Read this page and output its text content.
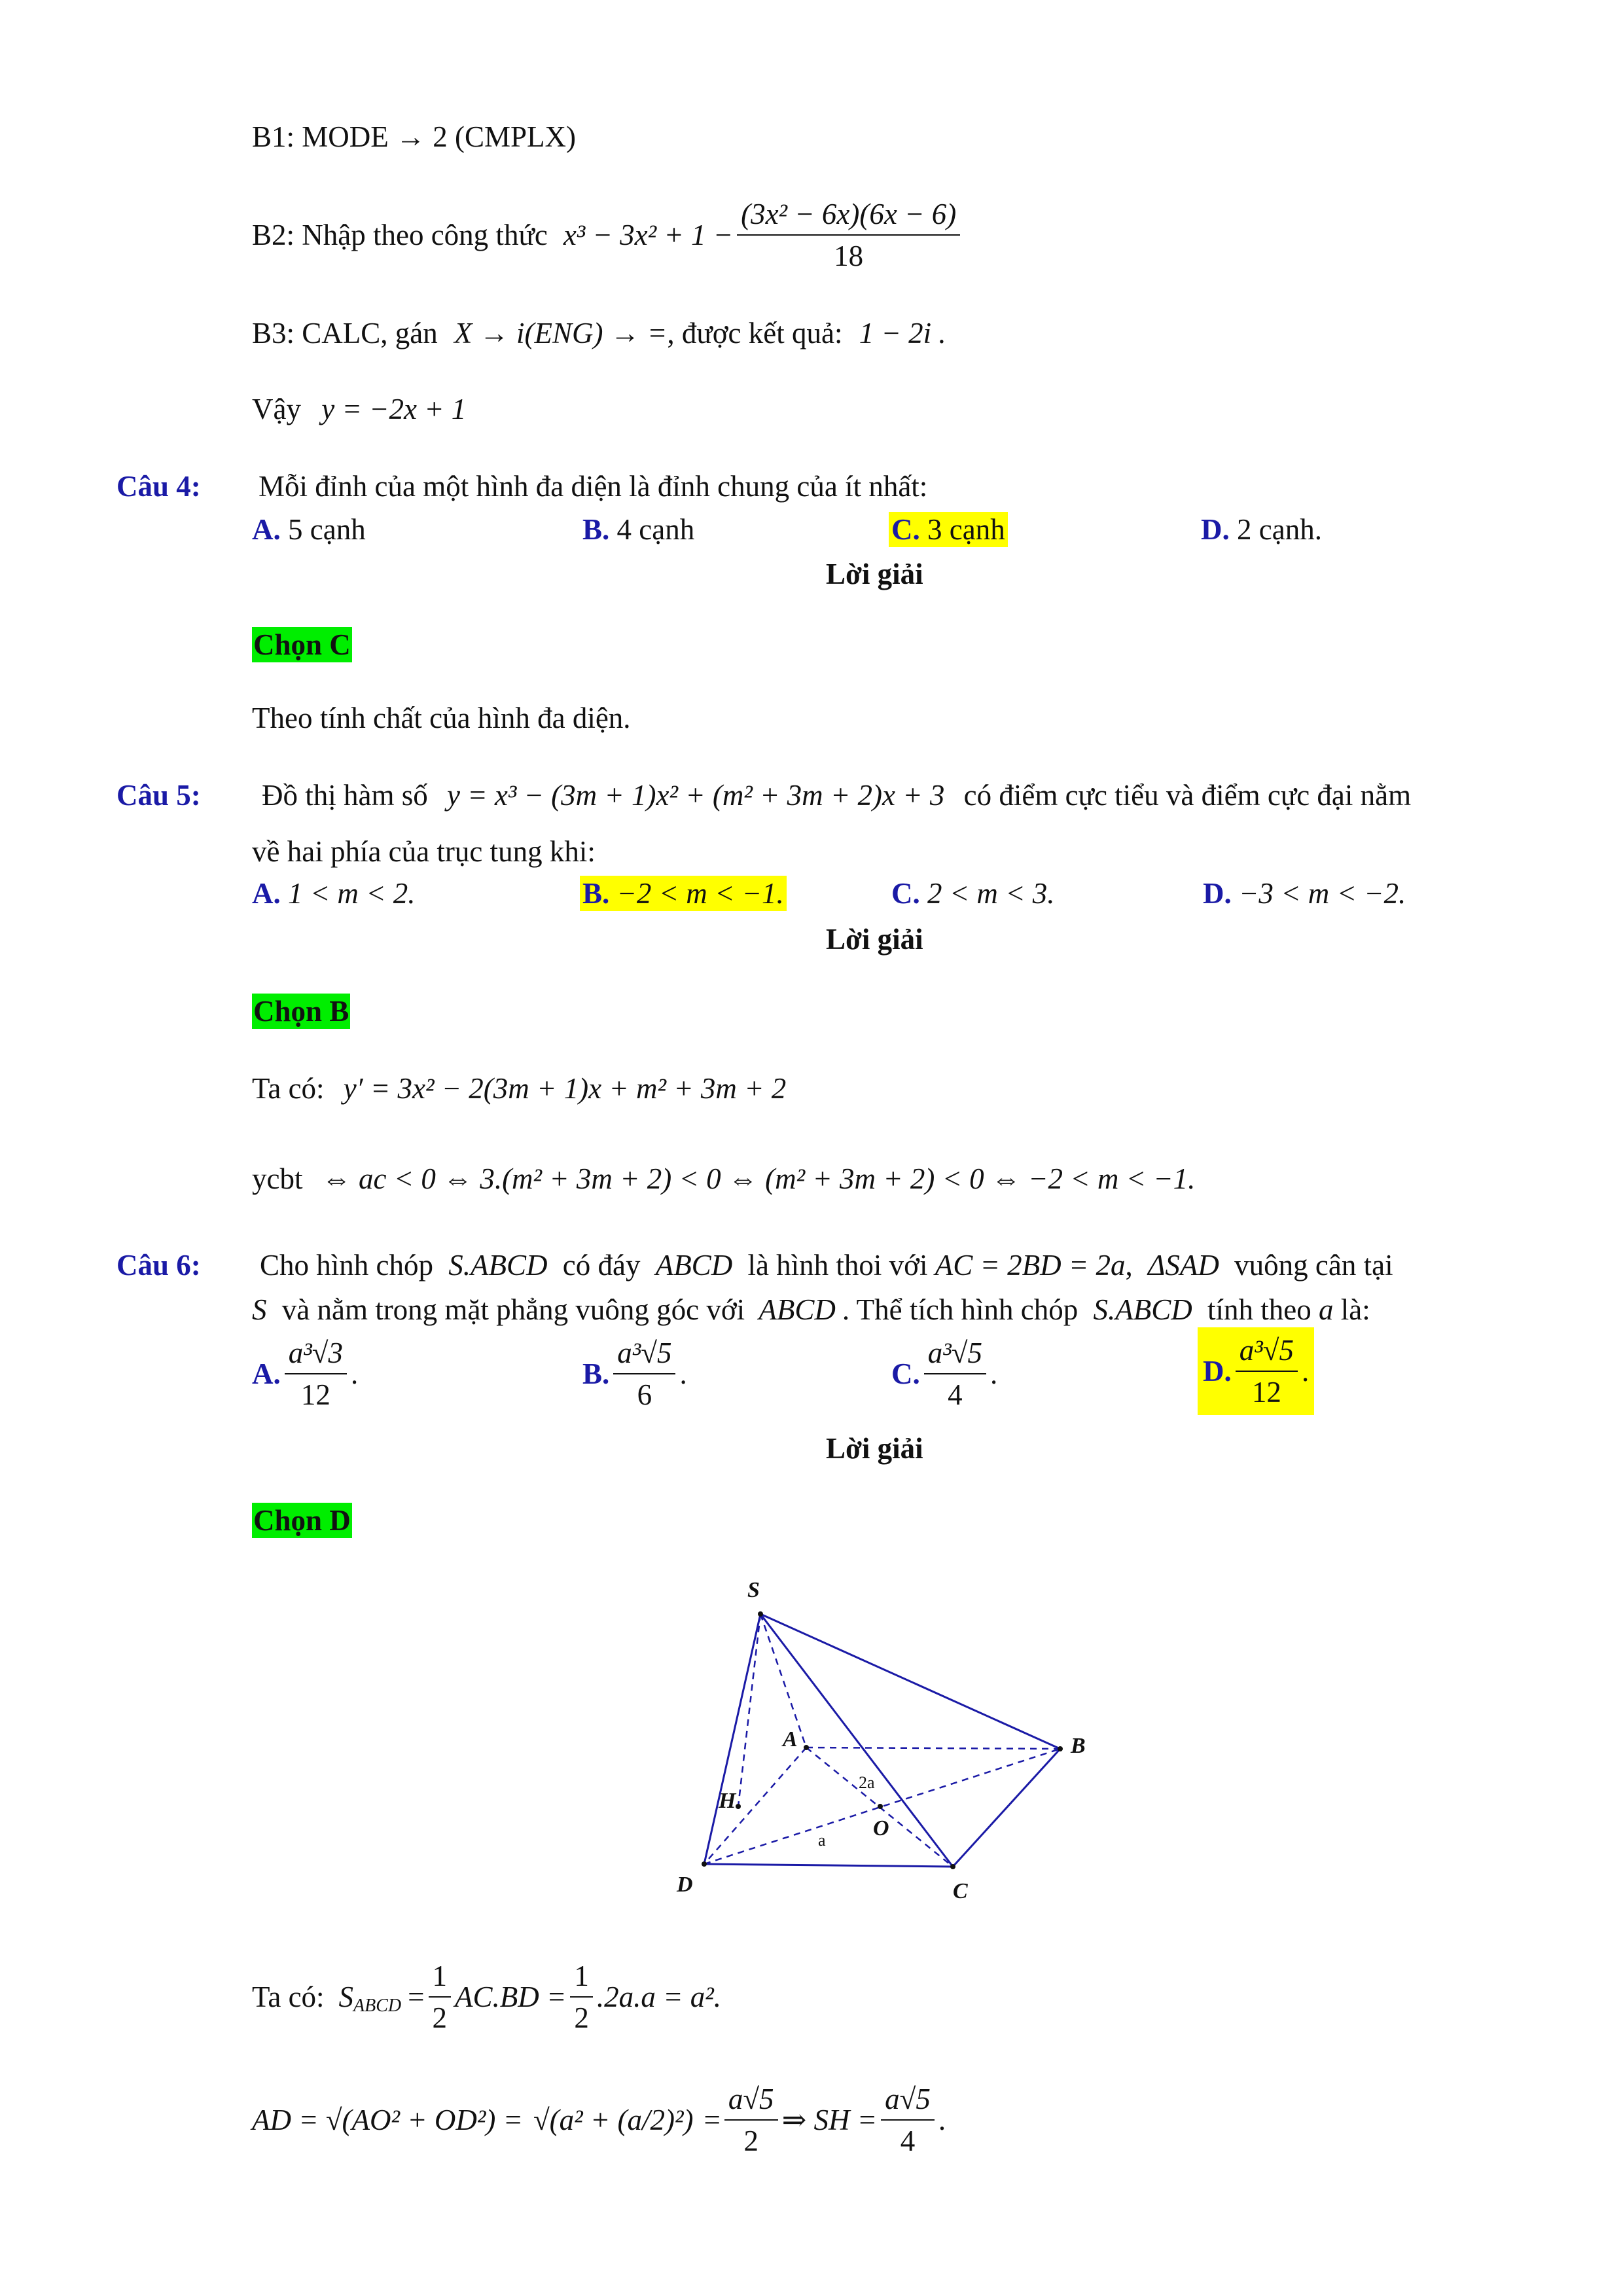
B1: MODE → 2 (CMPLX)
B2: Nhập theo công thức $x^3 - 3x^2 + 1 - \frac{\text{(3x² − 6x)(6x − 6)}}{18}$
B3: CALC, gán X → i(ENG) → =, được kết quả: 1 − 2i .
Vậy y = −2x + 1
Câu 4: Mỗi đỉnh của một hình đa diện là đỉnh chung của ít nhất:
A. 5 cạnh	B. 4 cạnh	C. 3 cạnh	D. 2 cạnh.
Lời giải
Chọn C
Theo tính chất của hình đa diện.
Câu 5: Đồ thị hàm số y = x³ − (3m + 1)x² + (m² + 3m + 2)x + 3 có điểm cực tiểu và điểm cực đại nằm
về hai phía của trục tung khi:
A. 1 < m < 2.	B. −2 < m < −1.	C. 2 < m < 3.	D. −3 < m < −2.
Lời giải
Chọn B
Ta có: y′ = 3x² − 2(3m + 1)x + m² + 3m + 2
ycbt ⇔ ac < 0 ⇔ 3.(m² + 3m + 2) < 0 ⇔ (m² + 3m + 2) < 0 ⇔ −2 < m < −1.
Câu 6: Cho hình chóp S.ABCD có đáy ABCD là hình thoi với AC = 2BD = 2a, ΔSAD vuông cân tại
S và nằm trong mặt phẳng vuông góc với ABCD . Thể tích hình chóp S.ABCD tính theo a là:
A. $\frac{\text{a³√3}}{12}$ .	B. $\frac{\text{a³√5}}{6}$ .	C. $\frac{\text{a³√5}}{4}$ .	D. $\frac{\text{a³√5}}{12}$ .
Lời giải
Chọn D
S
A	B
C
D
H
O
2a
a
Ta có: $S_{ABCD} = \frac{1}{2} AC.BD = \frac{1}{2} .2a.a = a^2$.
AD = $√(AO^2 + OD^2) = √(a^2 + (a/2)^2) = \frac{a√5}{2}$ ⇒ SH = $\frac{a√5}{4}$ .
